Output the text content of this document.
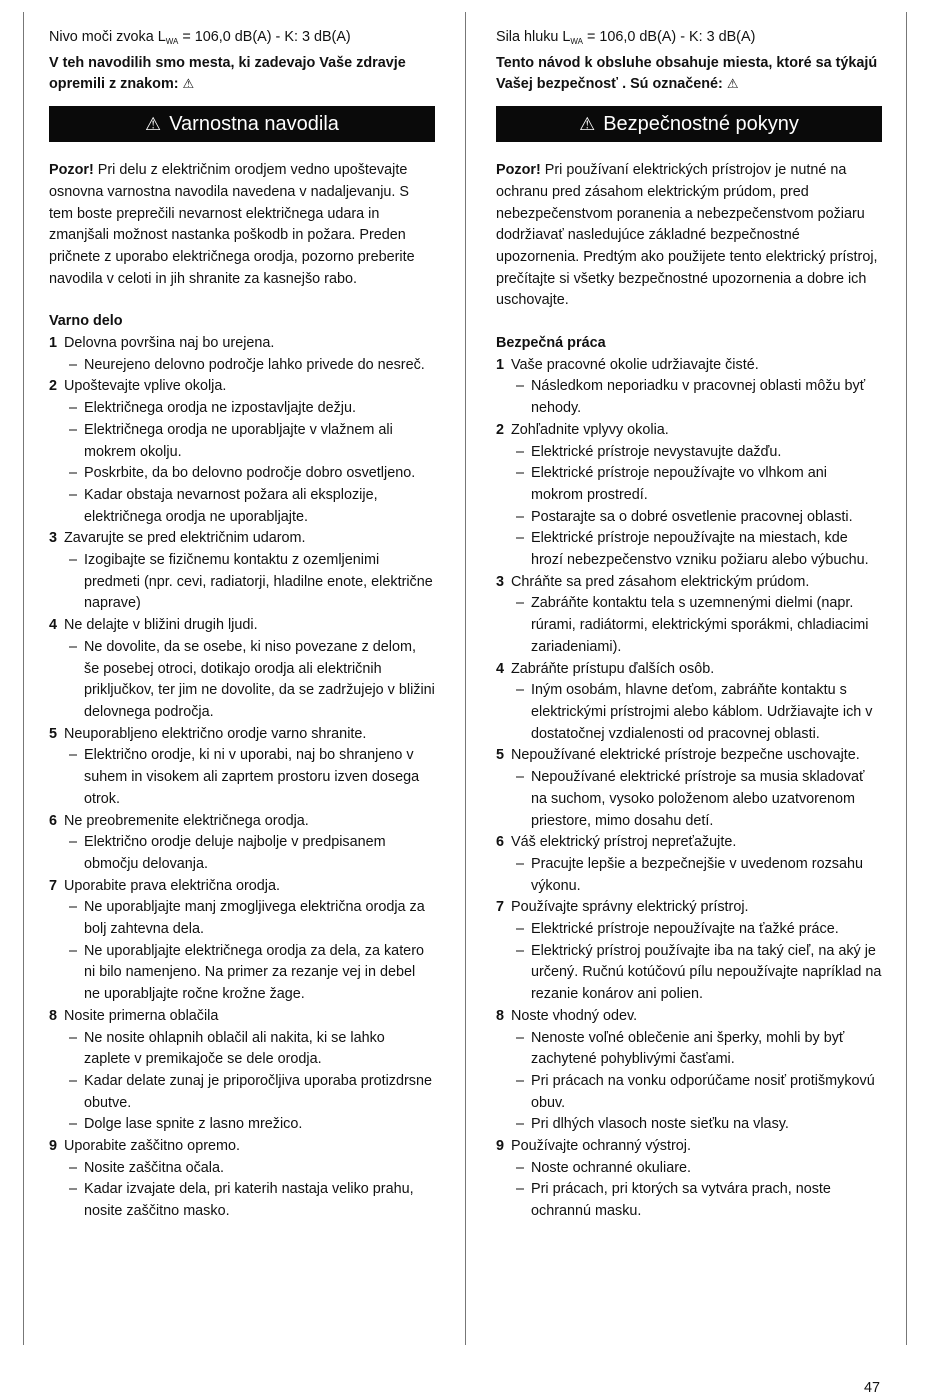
Nivo moči zvoka $L_{WA} = 106,0$ dB(A) - K: 3 dB(A)

V teh navodilih smo mesta, ki zadevajo Vaše zdravje opremili z znakom: ⚠

⚠ Varnostna navodila

Pozor! Pri delu z električnim orodjem vedno upoštevajte osnovna varnostna navodila navedena v nadaljevanju. S tem boste preprečili nevarnost električnega udara in zmanjšali možnost nastanka poškodb in požara. Preden pričnete z uporabo električnega orodja, pozorno preberite navodila v celoti in jih shranite za kasnejšo rabo.

Varno delo

1 Delovna površina naj bo urejena.
– Neurejeno delovno področje lahko privede do nesreč.
2 Upoštevajte vplive okolja.
– Električnega orodja ne izpostavljajte dežju.
– Električnega orodja ne uporabljajte v vlažnem ali mokrem okolju.
– Poskrbite, da bo delovno področje dobro osvetljeno.
– Kadar obstaja nevarnost požara ali eksplozije, električnega orodja ne uporabljajte.
3 Zavarujte se pred električnim udarom.
– Izogibajte se fizičnemu kontaktu z ozemljenimi predmeti (npr. cevi, radiatorji, hladilne enote, električne naprave)
4 Ne delajte v bližini drugih ljudi.
– Ne dovolite, da se osebe, ki niso povezane z delom, še posebej otroci, dotikajo orodja ali električnih priključkov, ter jim ne dovolite, da se zadržujejo v bližini delovnega področja.
5 Neuporabljeno električno orodje varno shranite.
– Električno orodje, ki ni v uporabi, naj bo shranjeno v suhem in visokem ali zaprtem prostoru izven dosega otrok.
6 Ne preobremenite električnega orodja.
– Električno orodje deluje najbolje v predpisanem območju delovanja.
7 Uporabite prava električna orodja.
– Ne uporabljajte manj zmogljivega električna orodja za bolj zahtevna dela.
– Ne uporabljajte električnega orodja za dela, za katero ni bilo namenjeno. Na primer za rezanje vej in debel ne uporabljajte ročne krožne žage.
8 Nosite primerna oblačila
– Ne nosite ohlapnih oblačil ali nakita, ki se lahko zaplete v premikajoče se dele orodja.
– Kadar delate zunaj je priporočljiva uporaba protizdrsne obutve.
– Dolge lase spnite z lasno mrežico.
9 Uporabite zaščitno opremo.
– Nosite zaščitna očala.
– Kadar izvajate dela, pri katerih nastaja veliko prahu, nosite zaščitno masko.

Sila hluku $L_{WA} = 106,0$ dB(A) - K: 3 dB(A)

Tento návod k obsluhe obsahuje miesta, ktoré sa týkajú Vašej bezpečnosť . Sú označené: ⚠

⚠ Bezpečnostné pokyny

Pozor! Pri používaní elektrických prístrojov je nutné na ochranu pred zásahom elektrickým prúdom, pred nebezpečenstvom poranenia a nebezpečenstvom požiaru dodržiavať nasledujúce základné bezpečnostné upozornenia. Predtým ako použijete tento elektrický prístroj, prečítajte si všetky bezpečnostné upozornenia a dobre ich uschovajte.

Bezpečná práca

1 Vaše pracovné okolie udržiavajte čisté.
– Následkom neporiadku v pracovnej oblasti môžu byť nehody.
2 Zohľadnite vplyvy okolia.
– Elektrické prístroje nevystavujte dažďu.
– Elektrické prístroje nepoužívajte vo vlhkom ani mokrom prostredí.
– Postarajte sa o dobré osvetlenie pracovnej oblasti.
– Elektrické prístroje nepoužívajte na miestach, kde hrozí nebezpečenstvo vzniku požiaru alebo výbuchu.
3 Chráňte sa pred zásahom elektrickým prúdom.
– Zabráňte kontaktu tela s uzemnenými dielmi (napr. rúrami, radiátormi, elektrickými sporákmi, chladiacimi zariadeniami).
4 Zabráňte prístupu ďalších osôb.
– Iným osobám, hlavne deťom, zabráňte kontaktu s elektrickými prístrojmi alebo káblom. Udržiavajte ich v dostatočnej vzdialenosti od pracovnej oblasti.
5 Nepoužívané elektrické prístroje bezpečne uschovajte.
– Nepoužívané elektrické prístroje sa musia skladovať na suchom, vysoko položenom alebo uzatvorenom priestore, mimo dosahu detí.
6 Váš elektrický prístroj nepreťažujte.
– Pracujte lepšie a bezpečnejšie v uvedenom rozsahu výkonu.
7 Používajte správny elektrický prístroj.
– Elektrické prístroje nepoužívajte na ťažké práce.
– Elektrický prístroj používajte iba na taký cieľ, na aký je určený. Ručnú kotúčovú pílu nepoužívajte napríklad na rezanie konárov ani polien.
8 Noste vhodný odev.
– Nenoste voľné oblečenie ani šperky, mohli by byť zachytené pohyblivými časťami.
– Pri prácach na vonku odporúčame nosiť protišmykovú obuv.
– Pri dlhých vlasoch noste sieťku na vlasy.
9 Používajte ochranný výstroj.
– Noste ochranné okuliare.
– Pri prácach, pri ktorých sa vytvára prach, noste ochrannú masku.
47
